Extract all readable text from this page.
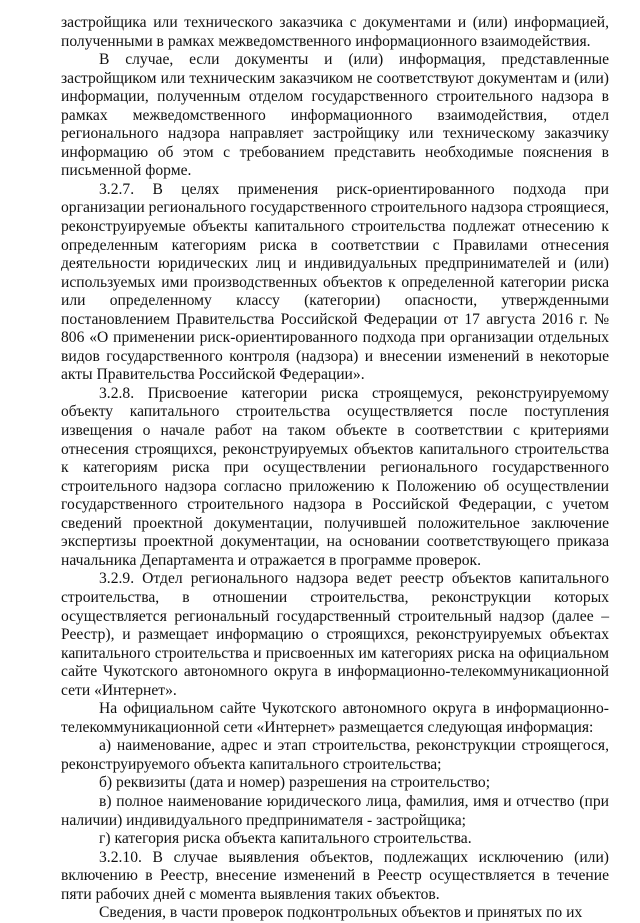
застройщика или технического заказчика с документами и (или) информацией, полученными в рамках межведомственного информационного взаимодействия.

В случае, если документы и (или) информация, представленные застройщиком или техническим заказчиком не соответствуют документам и (или) информации, полученным отделом государственного строительного надзора в рамках межведомственного информационного взаимодействия, отдел регионального надзора направляет застройщику или техническому заказчику информацию об этом с требованием представить необходимые пояснения в письменной форме.

3.2.7. В целях применения риск-ориентированного подхода при организации регионального государственного строительного надзора строящиеся, реконструируемые объекты капитального строительства подлежат отнесению к определенным категориям риска в соответствии с Правилами отнесения деятельности юридических лиц и индивидуальных предпринимателей и (или) используемых ими производственных объектов к определенной категории риска или определенному классу (категории) опасности, утвержденными постановлением Правительства Российской Федерации от 17 августа 2016 г. № 806 «О применении риск-ориентированного подхода при организации отдельных видов государственного контроля (надзора) и внесении изменений в некоторые акты Правительства Российской Федерации».

3.2.8. Присвоение категории риска строящемуся, реконструируемому объекту капитального строительства осуществляется после поступления извещения о начале работ на таком объекте в соответствии с критериями отнесения строящихся, реконструируемых объектов капитального строительства к категориям риска при осуществлении регионального государственного строительного надзора согласно приложению к Положению об осуществлении государственного строительного надзора в Российской Федерации, с учетом сведений проектной документации, получившей положительное заключение экспертизы проектной документации, на основании соответствующего приказа начальника Департамента и отражается в программе проверок.

3.2.9. Отдел регионального надзора ведет реестр объектов капитального строительства, в отношении строительства, реконструкции которых осуществляется региональный государственный строительный надзор (далее – Реестр), и размещает информацию о строящихся, реконструируемых объектах капитального строительства и присвоенных им категориях риска на официальном сайте Чукотского автономного округа в информационно-телекоммуникационной сети «Интернет».

На официальном сайте Чукотского автономного округа в информационно-телекоммуникационной сети «Интернет» размещается следующая информация:

а) наименование, адрес и этап строительства, реконструкции строящегося, реконструируемого объекта капитального строительства;

б) реквизиты (дата и номер) разрешения на строительство;

в) полное наименование юридического лица, фамилия, имя и отчество (при наличии) индивидуального предпринимателя - застройщика;

г) категория риска объекта капитального строительства.

3.2.10. В случае выявления объектов, подлежащих исключению (или) включению в Реестр, внесение изменений в Реестр осуществляется в течение пяти рабочих дней с момента выявления таких объектов.

Сведения, в части проверок подконтрольных объектов и принятых по их
